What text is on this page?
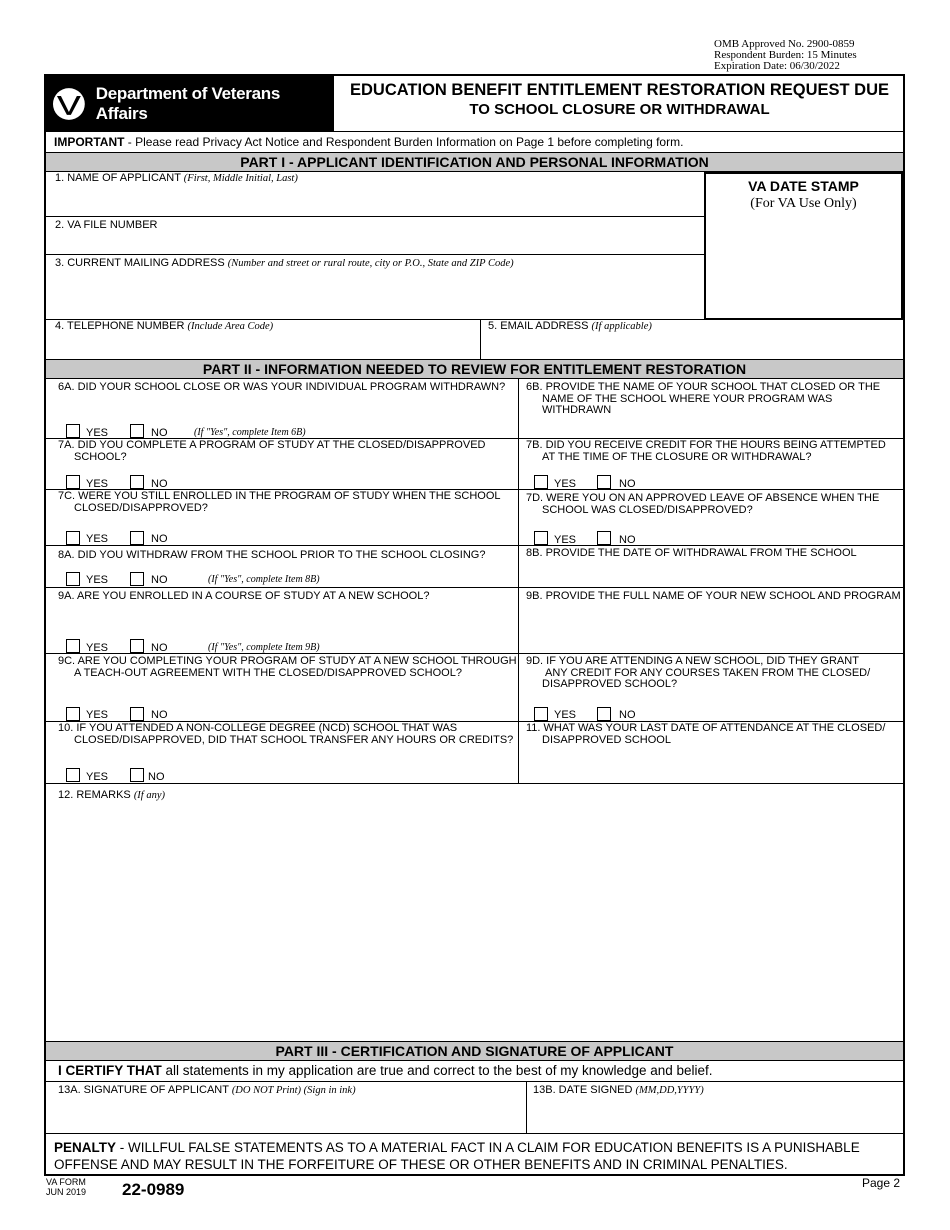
OMB Approved No. 2900-0859
Respondent Burden: 15 Minutes
Expiration Date: 06/30/2022
Department of Veterans Affairs
EDUCATION BENEFIT ENTITLEMENT RESTORATION REQUEST DUE
TO SCHOOL CLOSURE OR WITHDRAWAL
IMPORTANT - Please read Privacy Act Notice and Respondent Burden Information on Page 1 before completing form.
PART I - APPLICANT IDENTIFICATION AND PERSONAL INFORMATION
1. NAME OF APPLICANT (First, Middle Initial, Last)
2. VA FILE NUMBER
3. CURRENT MAILING ADDRESS (Number and street or rural route, city or P.O., State and ZIP Code)
VA DATE STAMP
(For VA Use Only)
4. TELEPHONE NUMBER (Include Area Code)	5. EMAIL ADDRESS (If applicable)
PART II - INFORMATION NEEDED TO REVIEW FOR ENTITLEMENT RESTORATION
6A. DID YOUR SCHOOL CLOSE OR WAS YOUR INDIVIDUAL PROGRAM WITHDRAWN?
YES	NO	(If "Yes", complete Item 6B)
6B. PROVIDE THE NAME OF YOUR SCHOOL THAT CLOSED OR THE
NAME OF THE SCHOOL WHERE YOUR PROGRAM WAS
WITHDRAWN
7A. DID YOU COMPLETE A PROGRAM OF STUDY AT THE CLOSED/DISAPPROVED
SCHOOL?
YES	NO
7B. DID YOU RECEIVE CREDIT FOR THE HOURS BEING ATTEMPTED
AT THE TIME OF THE CLOSURE OR WITHDRAWAL?
YES	NO
7C. WERE YOU STILL ENROLLED IN THE PROGRAM OF STUDY WHEN THE SCHOOL
CLOSED/DISAPPROVED?
YES	NO
7D. WERE YOU ON AN APPROVED LEAVE OF ABSENCE WHEN THE
SCHOOL WAS CLOSED/DISAPPROVED?
YES	NO
8A. DID YOU WITHDRAW FROM THE SCHOOL PRIOR TO THE SCHOOL CLOSING?
YES	NO	(If "Yes", complete Item 8B)
8B. PROVIDE THE DATE OF WITHDRAWAL FROM THE SCHOOL
9A. ARE YOU ENROLLED IN A COURSE OF STUDY AT A NEW SCHOOL?
YES	NO	(If "Yes", complete Item 9B)
9B. PROVIDE THE FULL NAME OF YOUR NEW SCHOOL AND PROGRAM
9C. ARE YOU COMPLETING YOUR PROGRAM OF STUDY AT A NEW SCHOOL THROUGH
A TEACH-OUT AGREEMENT WITH THE CLOSED/DISAPPROVED SCHOOL?
YES	NO
9D. IF YOU ARE ATTENDING A NEW SCHOOL, DID THEY GRANT
ANY CREDIT FOR ANY COURSES TAKEN FROM THE CLOSED/
DISAPPROVED SCHOOL?
YES	NO
10. IF YOU ATTENDED A NON-COLLEGE DEGREE (NCD) SCHOOL THAT WAS
CLOSED/DISAPPROVED, DID THAT SCHOOL TRANSFER ANY HOURS OR CREDITS?
YES	NO
11. WHAT WAS YOUR LAST DATE OF ATTENDANCE AT THE CLOSED/
DISAPPROVED SCHOOL
12. REMARKS (If any)
PART III - CERTIFICATION AND SIGNATURE OF APPLICANT
I CERTIFY THAT all statements in my application are true and correct to the best of my knowledge and belief.
13A. SIGNATURE OF APPLICANT (DO NOT Print) (Sign in ink)	13B. DATE SIGNED (MM,DD,YYYY)
PENALTY - WILLFUL FALSE STATEMENTS AS TO A MATERIAL FACT IN A CLAIM FOR EDUCATION BENEFITS IS A PUNISHABLE OFFENSE AND MAY RESULT IN THE FORFEITURE OF THESE OR OTHER BENEFITS AND IN CRIMINAL PENALTIES.
VA FORM
JUN 2019 22-0989	Page 2
